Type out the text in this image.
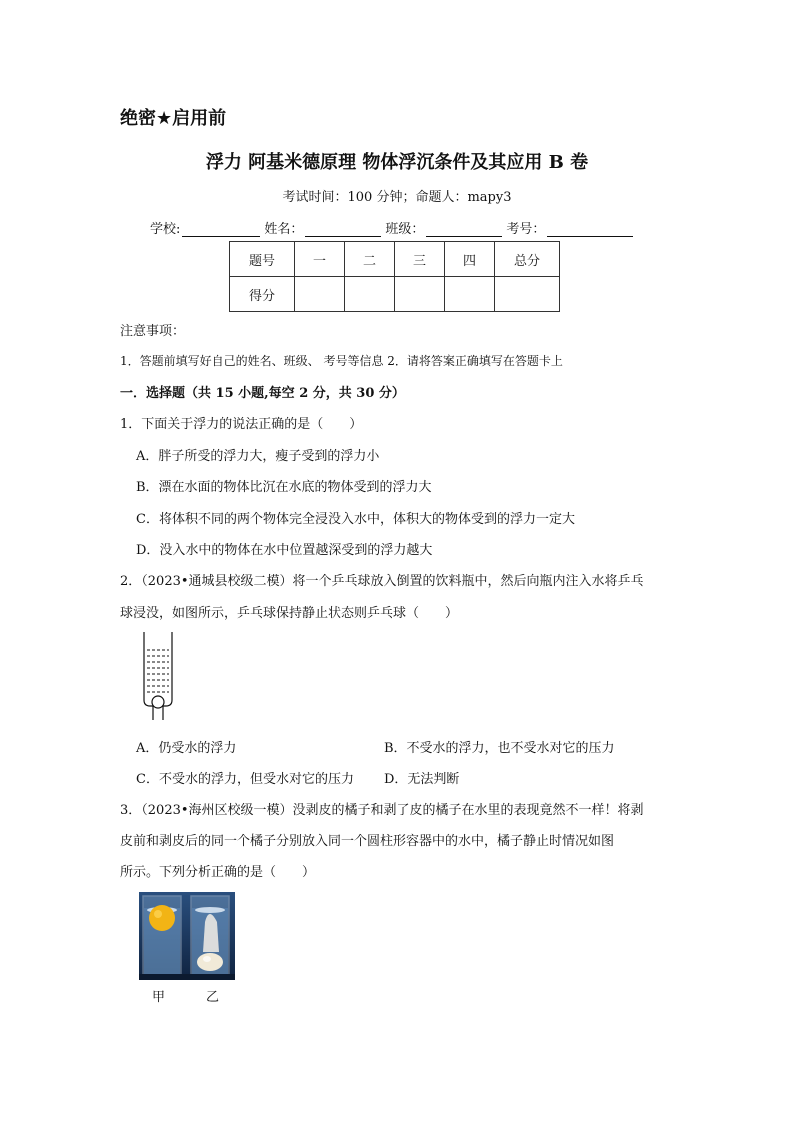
绝密★启用前
浮力 阿基米德原理 物体浮沉条件及其应用 B 卷
考试时间：100 分钟；命题人：mapy3
学校:	姓名：	班级：	考号：
题号	一	二	三	四	总分
得分					
注意事项：
1．答题前填写好自己的姓名、班级、 考号等信息 2．请将答案正确填写在答题卡上
一．选择题（共 15 小题,每空 2 分，共 30 分）
1．下面关于浮力的说法正确的是（　　）
A．胖子所受的浮力大，瘦子受到的浮力小
B．漂在水面的物体比沉在水底的物体受到的浮力大
C．将体积不同的两个物体完全浸没入水中，体积大的物体受到的浮力一定大
D．没入水中的物体在水中位置越深受到的浮力越大
2．（2023•通城县校级二模）将一个乒乓球放入倒置的饮料瓶中，然后向瓶内注入水将乒乓
球浸没，如图所示，乒乓球保持静止状态则乒乓球（　　）
A．仍受水的浮力	B．不受水的浮力，也不受水对它的压力
C．不受水的浮力，但受水对它的压力 D．无法判断
3．（2023•海州区校级一模）没剥皮的橘子和剥了皮的橘子在水里的表现竟然不一样！将剥
皮前和剥皮后的同一个橘子分别放入同一个圆柱形容器中的水中，橘子静止时情况如图
所示。下列分析正确的是（　　）
甲	乙
